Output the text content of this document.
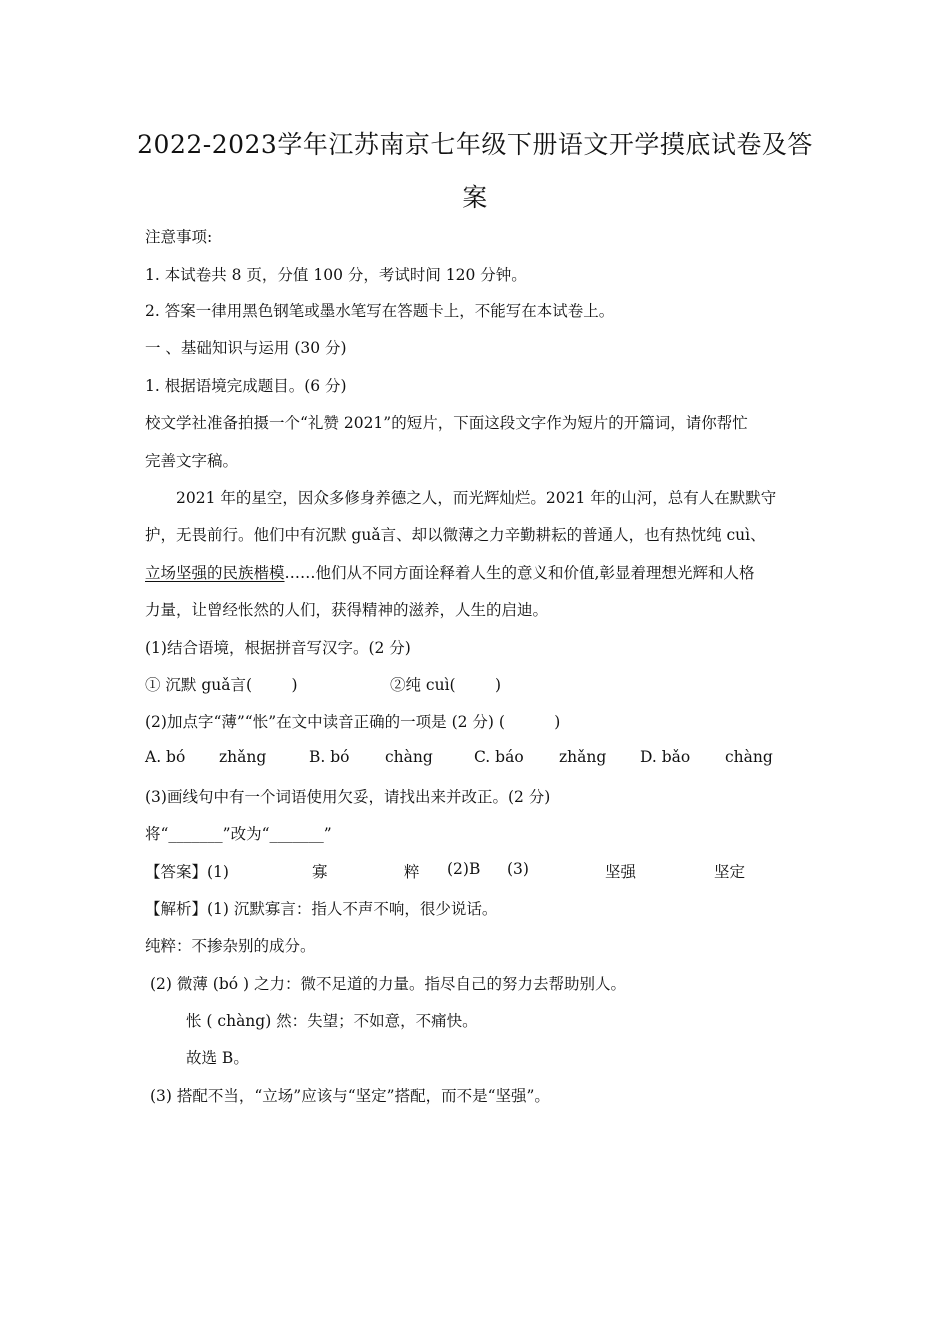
2022-2023学年江苏南京七年级下册语文开学摸底试卷及答
案
注意事项:
1. 本试卷共 8 页，分值 100 分，考试时间 120 分钟。
2. 答案一律用黑色钢笔或墨水笔写在答题卡上，不能写在本试卷上。
一 、基础知识与运用 (30 分)
1. 根据语境完成题目。(6 分)
校文学社准备拍摄一个“礼赞 2021”的短片，下面这段文字作为短片的开篇词，请你帮忙
完善文字稿。
2021 年的星空，因众多修身养德之人，而光辉灿烂。2021 年的山河，总有人在默默守
护，无畏前行。他们中有沉默 guǎ言、却以微薄之力辛勤耕耘的普通人，也有热忱纯 cuì、
立场坚强的民族楷模……他们从不同方面诠释着人生的意义和价值,彰显着理想光辉和人格
力量，让曾经怅然的人们，获得精神的滋养，人生的启迪。
(1)结合语境，根据拼音写汉字。(2 分)
① 沉默 guǎ言(        )	②纯 cuì(        )
(2)加点字“薄”“怅”在文中读音正确的一项是 (2 分) (          )
A. bó zhǎng	B. bó chàng	C. báo zhǎng D. bǎo chàng
(3)画线句中有一个词语使用欠妥，请找出来并改正。(2 分)
将“_______”改为“_______”
【答案】(1)	寡	粹 (2)B (3)	坚强	坚定
【解析】(1) 沉默寡言：指人不声不响，很少说话。
纯粹：不掺杂别的成分。
(2) 微薄 (bó ) 之力：微不足道的力量。指尽自己的努力去帮助别人。
怅 ( chàng) 然：失望；不如意，不痛快。
故选 B。
(3) 搭配不当，“立场”应该与“坚定”搭配，而不是“坚强”。
